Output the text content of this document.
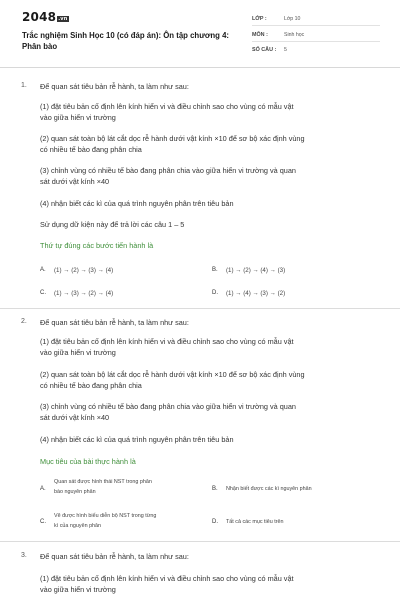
2048 .vn
Trắc nghiệm Sinh Học 10 (có đáp án): Ôn tập chương 4:
Phân bào
LỚP :	Lớp 10
MÔN :	Sinh học
SỐ CÂU : 5
1. Để quan sát tiêu bản rễ hành, ta làm như sau:
(1) đặt tiêu bản cố định lên kính hiển vi và điều chỉnh sao cho vùng có mẫu vật
vào giữa hiển vi trường
(2) quan sát toàn bộ lát cắt dọc rễ hành dưới vật kính ×10 để sơ bộ xác định vùng
có nhiều tế bào đang phân chia
(3) chỉnh vùng có nhiều tế bào đang phân chia vào giữa hiển vi trường và quan
sát dưới vật kính ×40
(4) nhận biết các kì của quá trình nguyên phân trên tiêu bản
Sử dụng dữ kiện này để trả lời các câu 1 – 5
Thứ tự đúng các bước tiến hành là
A. (1) → (2) → (3) → (4)	B. (1) → (2) → (4) → (3)
C. (1) → (3) → (2) → (4)	D. (1) → (4) → (3) → (2)
2. Để quan sát tiêu bản rễ hành, ta làm như sau:
(1) đặt tiêu bản cố định lên kính hiển vi và điều chỉnh sao cho vùng có mẫu vật
vào giữa hiển vi trường
(2) quan sát toàn bộ lát cắt dọc rễ hành dưới vật kính ×10 để sơ bộ xác định vùng
có nhiều tế bào đang phân chia
(3) chỉnh vùng có nhiều tế bào đang phân chia vào giữa hiển vi trường và quan
sát dưới vật kính ×40
(4) nhận biết các kì của quá trình nguyên phân trên tiêu bản
Mục tiêu của bài thực hành là
A.
Quan sát được hình thái NST trong phân
bào nguyên phân	B. Nhận biết được các kì nguyên phân
C.
Vẽ được hình biểu diễn bộ NST trong từng
kì của nguyên phân
D. Tất cả các mục tiêu trên
3. Để quan sát tiêu bản rễ hành, ta làm như sau:
(1) đặt tiêu bản cố định lên kính hiển vi và điều chỉnh sao cho vùng có mẫu vật
vào giữa hiển vi trường
